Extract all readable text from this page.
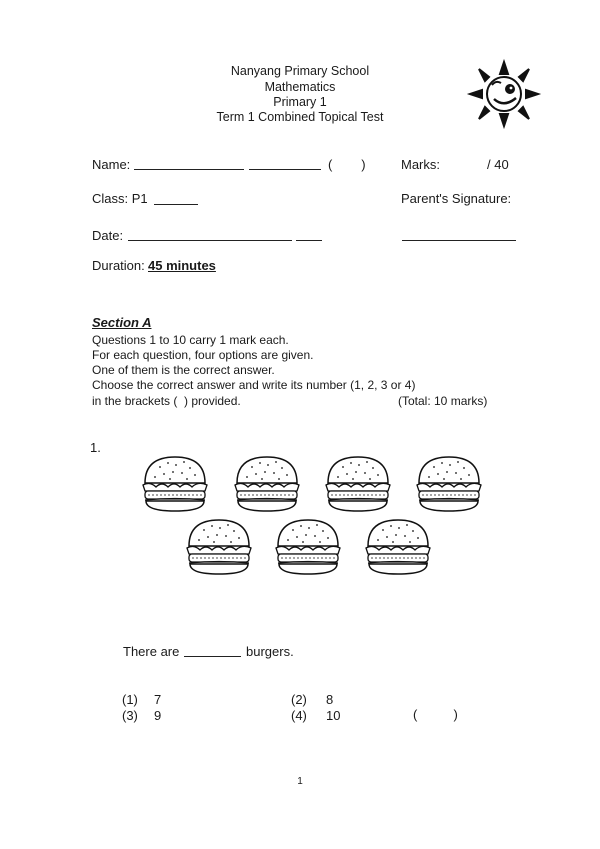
Nanyang Primary School
Mathematics
Primary 1
Term 1 Combined Topical Test
Name:	(        )	Marks:	/ 40
Class: P1	Parent's Signature:
Date:
Duration: 45 minutes
Section A
Questions 1 to 10 carry 1 mark each.
For each question, four options are given.
One of them is the correct answer.
Choose the correct answer and write its number (1, 2, 3 or 4)
in the brackets (  ) provided.	(Total: 10 marks)
1.
There are	burgers.
(1) 7	(2) 8
(3) 9	(4) 10	(          )
1
